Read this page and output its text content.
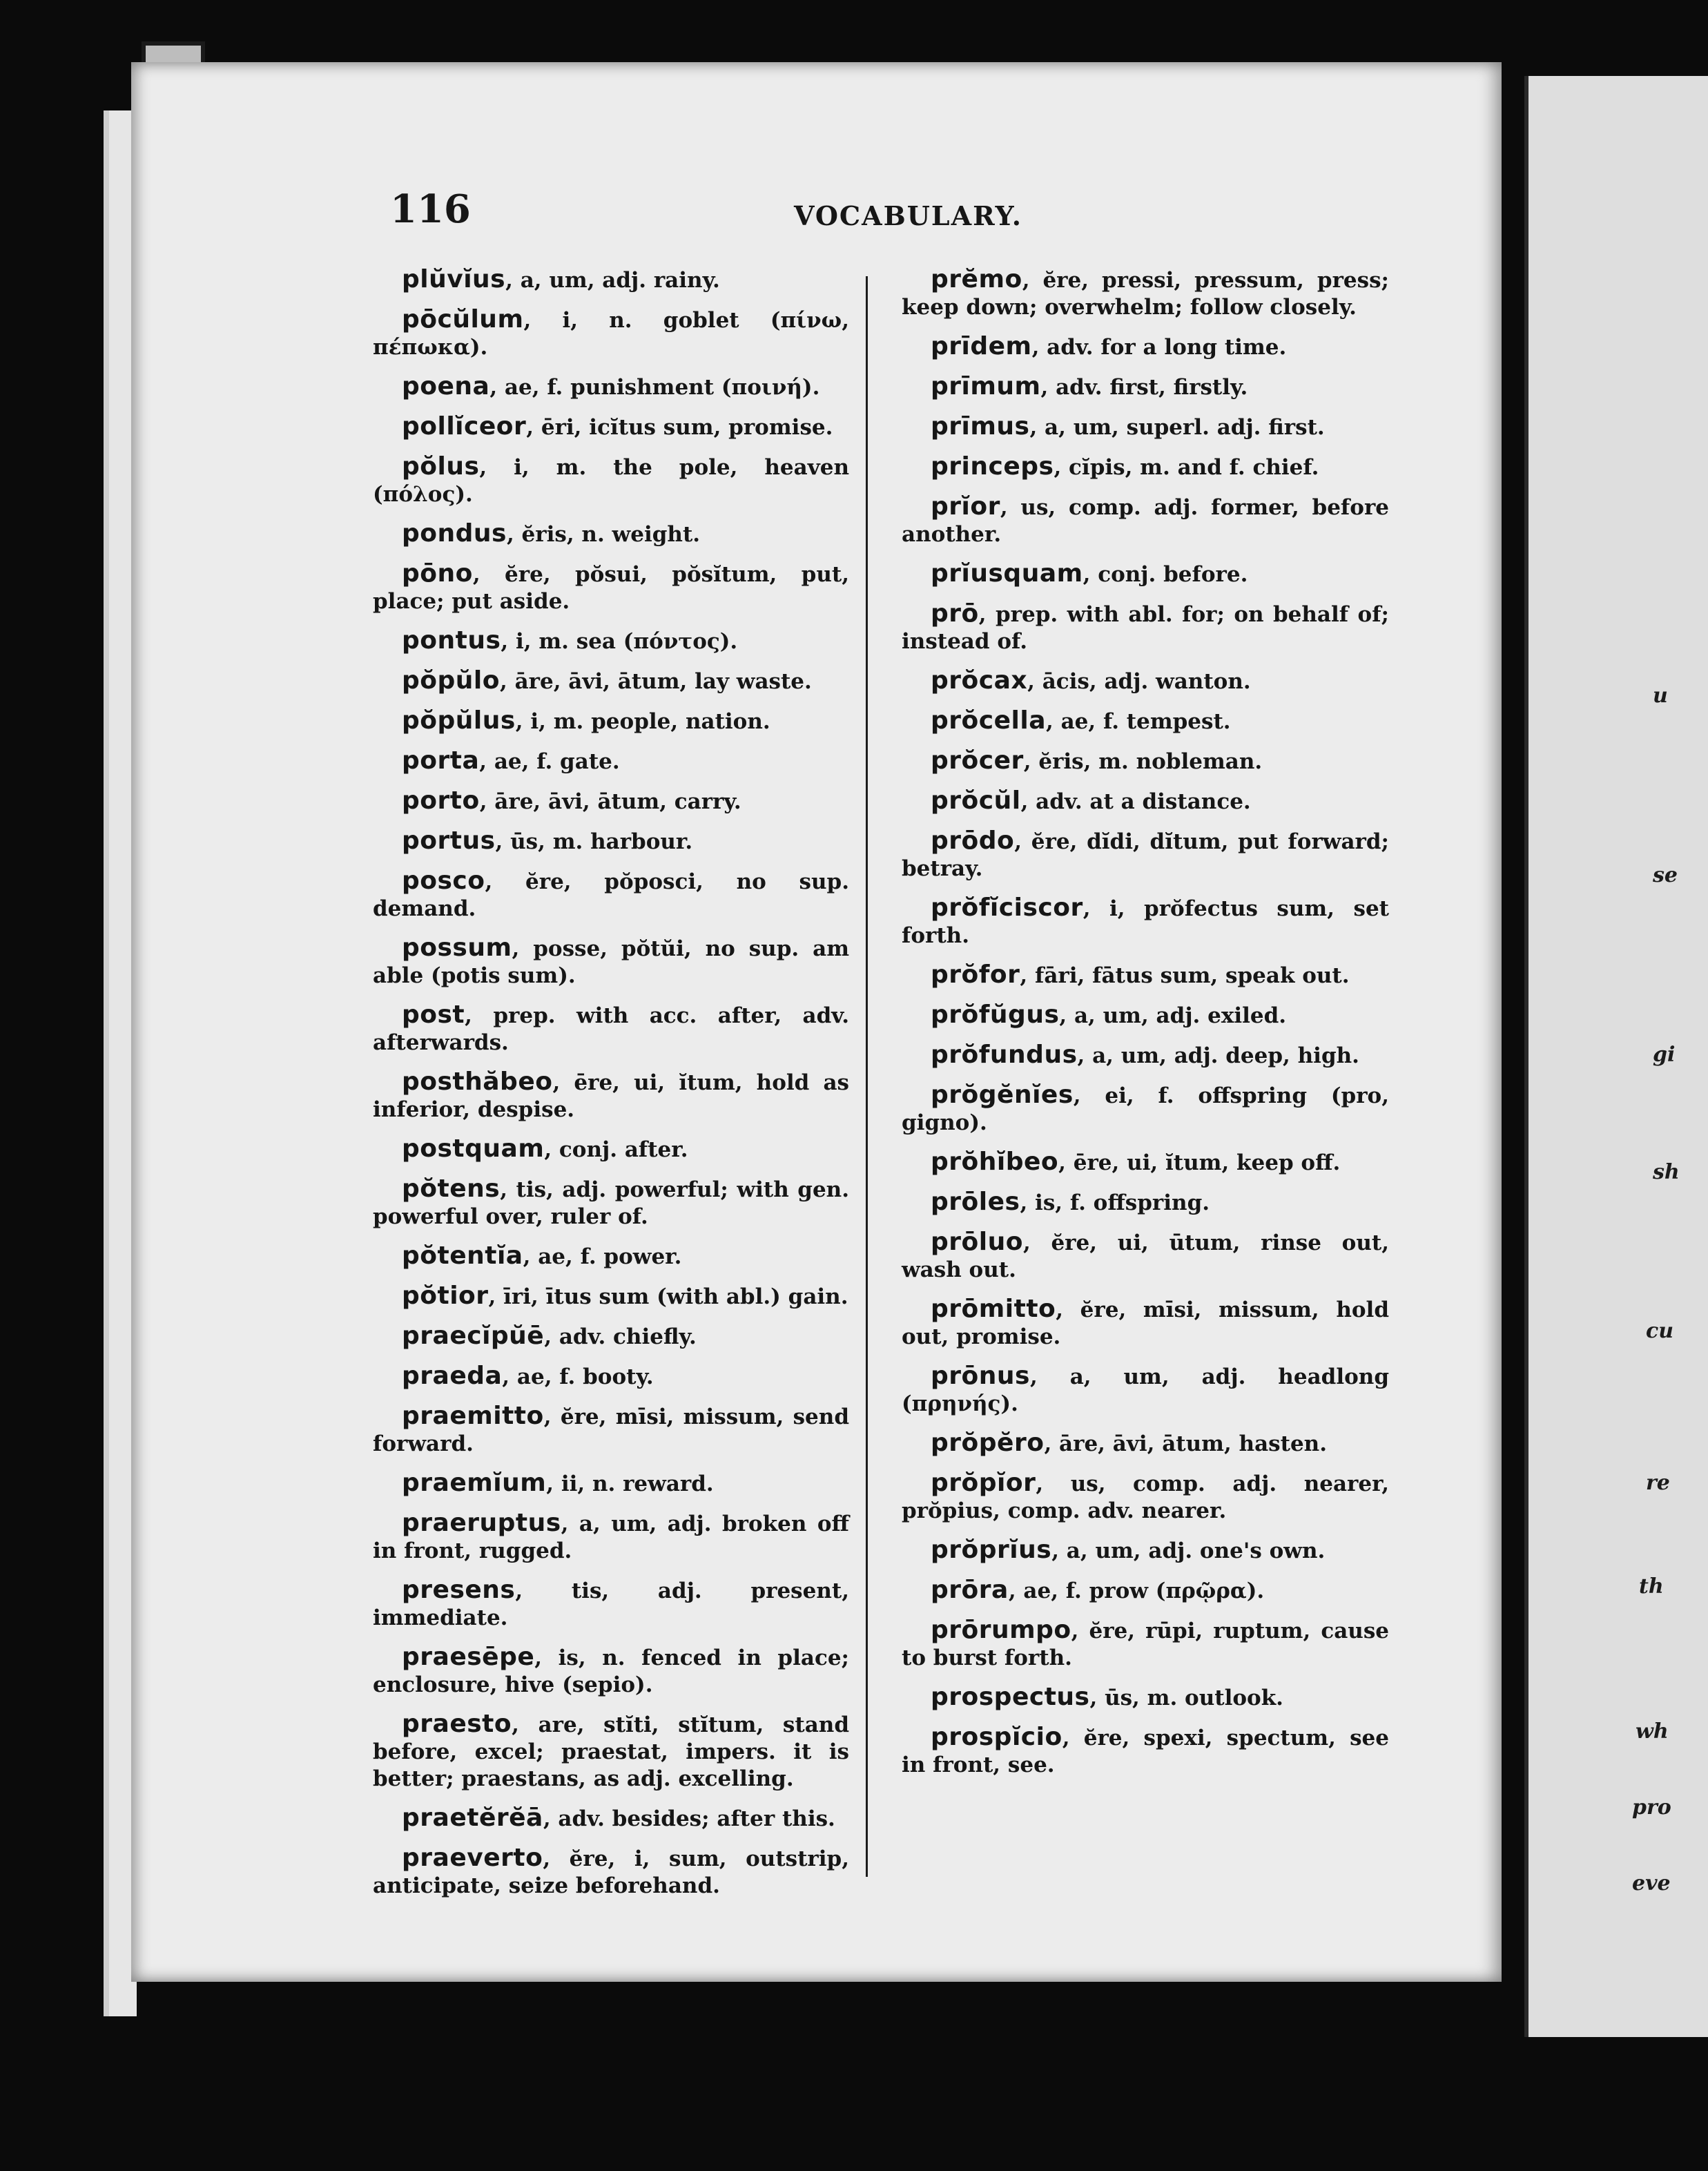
u
se
gi
sh
cu
re
th
wh
pro
eve
116	VOCABULARY.

plŭvĭus, a, um, adj. rainy.

pōcŭlum, i, n. goblet (πίνω, πέπωκα).

poena, ae, f. punishment (ποινή).

pollĭceor, ēri, icĭtus sum, promise.

pŏlus, i, m. the pole, heaven (πόλος).

pondus, ĕris, n. weight.

pōno, ĕre, pŏsui, pŏsĭtum, put, place; put aside.

pontus, i, m. sea (πόντος).

pŏpŭlo, āre, āvi, ātum, lay waste.

pŏpŭlus, i, m. people, nation.

porta, ae, f. gate.

porto, āre, āvi, ātum, carry.

portus, ūs, m. harbour.

posco, ĕre, pŏposci, no sup. demand.

possum, posse, pŏtŭi, no sup. am able (potis sum).

post, prep. with acc. after, adv. afterwards.

posthăbeo, ēre, ui, ĭtum, hold as inferior, despise.

postquam, conj. after.

pŏtens, tis, adj. powerful; with gen. powerful over, ruler of.

pŏtentĭa, ae, f. power.

pŏtior, īri, ītus sum (with abl.) gain.

praecĭpŭē, adv. chiefly.

praeda, ae, f. booty.

praemitto, ĕre, mīsi, missum, send forward.

praemĭum, ii, n. reward.

praeruptus, a, um, adj. broken off in front, rugged.

presens, tis, adj. present, immediate.

praesēpe, is, n. fenced in place; enclosure, hive (sepio).

praesto, are, stĭti, stĭtum, stand before, excel; praestat, impers. it is better; praestans, as adj. excelling.

praetĕrĕā, adv. besides; after this.

praeverto, ĕre, i, sum, outstrip, anticipate, seize beforehand.

prĕmo, ĕre, pressi, pressum, press; keep down; overwhelm; follow closely.

prīdem, adv. for a long time.

prīmum, adv. first, firstly.

prīmus, a, um, superl. adj. first.

princeps, cĭpis, m. and f. chief.

prĭor, us, comp. adj. former, before another.

prĭusquam, conj. before.

prō, prep. with abl. for; on behalf of; instead of.

prŏcax, ācis, adj. wanton.

prŏcella, ae, f. tempest.

prŏcer, ĕris, m. nobleman.

prŏcŭl, adv. at a distance.

prōdo, ĕre, dĭdi, dĭtum, put forward; betray.

prŏfĭciscor, i, prŏfectus sum, set forth.

prŏfor, fāri, fātus sum, speak out.

prŏfŭgus, a, um, adj. exiled.

prŏfundus, a, um, adj. deep, high.

prŏgĕnĭes, ei, f. offspring (pro, gigno).

prŏhĭbeo, ēre, ui, ĭtum, keep off.

prōles, is, f. offspring.

prōluo, ĕre, ui, ūtum, rinse out, wash out.

prōmitto, ĕre, mīsi, missum, hold out, promise.

prōnus, a, um, adj. headlong (πρηνής).

prŏpĕro, āre, āvi, ātum, hasten.

prŏpĭor, us, comp. adj. nearer, prŏpius, comp. adv. nearer.

prŏprĭus, a, um, adj. one's own.

prōra, ae, f. prow (πρῷρα).

prōrumpo, ĕre, rūpi, ruptum, cause to burst forth.

prospectus, ūs, m. outlook.

prospĭcio, ĕre, spexi, spectum, see in front, see.
